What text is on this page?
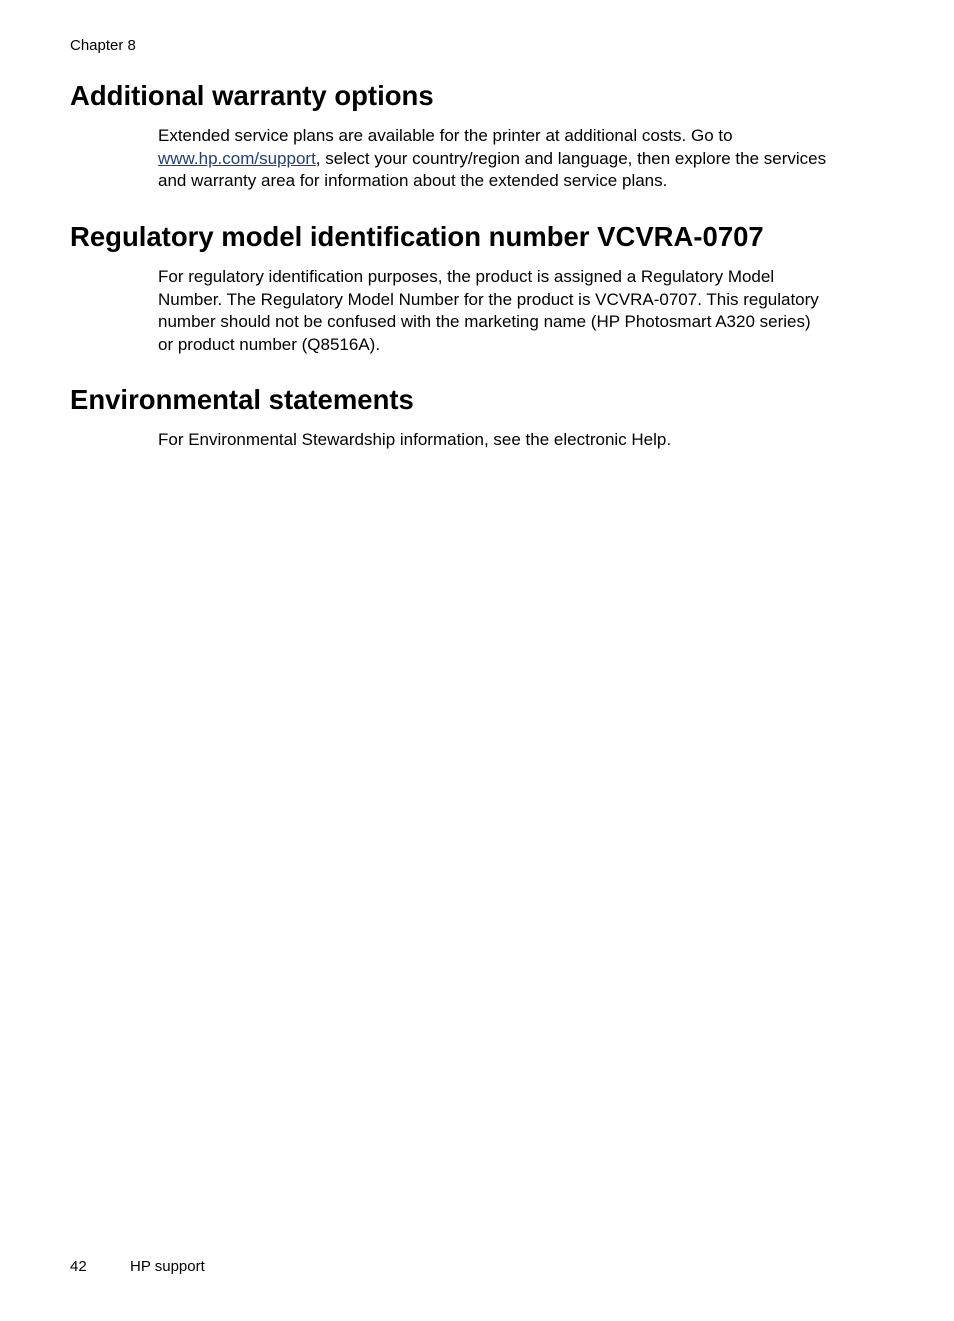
Chapter 8
Additional warranty options
Extended service plans are available for the printer at additional costs. Go to
www.hp.com/support, select your country/region and language, then explore the services
and warranty area for information about the extended service plans.
Regulatory model identification number VCVRA-0707
For regulatory identification purposes, the product is assigned a Regulatory Model
Number. The Regulatory Model Number for the product is VCVRA-0707. This regulatory
number should not be confused with the marketing name (HP Photosmart A320 series)
or product number (Q8516A).
Environmental statements
For Environmental Stewardship information, see the electronic Help.
42	HP support
